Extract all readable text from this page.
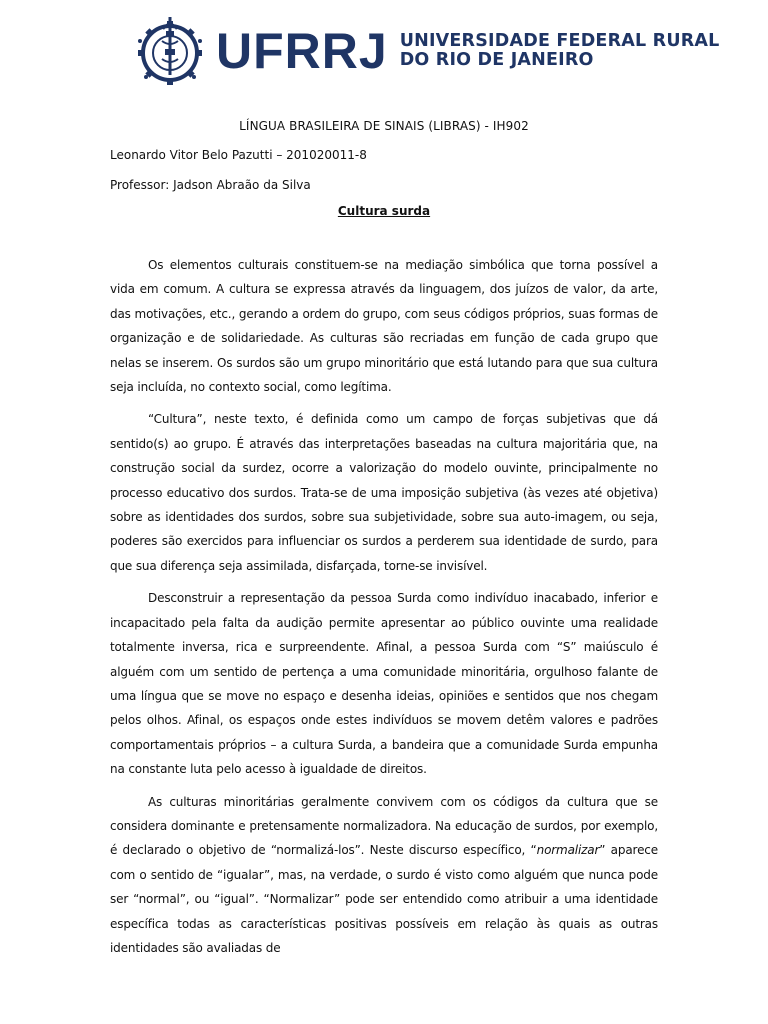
UFRRJ UNIVERSIDADE FEDERAL RURAL
DO RIO DE JANEIRO

LÍNGUA BRASILEIRA DE SINAIS (LIBRAS) - IH902

Leonardo Vitor Belo Pazutti – 201020011-8

Professor: Jadson Abraão da Silva

Cultura surda

Os elementos culturais constituem-se na mediação simbólica que torna possível a vida em comum. A cultura se expressa através da linguagem, dos juízos de valor, da arte, das motivações, etc., gerando a ordem do grupo, com seus códigos próprios, suas formas de organização e de solidariedade. As culturas são recriadas em função de cada grupo que nelas se inserem. Os surdos são um grupo minoritário que está lutando para que sua cultura seja incluída, no contexto social, como legítima.

“Cultura”, neste texto, é definida como um campo de forças subjetivas que dá sentido(s) ao grupo. É através das interpretações baseadas na cultura majoritária que, na construção social da surdez, ocorre a valorização do modelo ouvinte, principalmente no processo educativo dos surdos. Trata-se de uma imposição subjetiva (às vezes até objetiva) sobre as identidades dos surdos, sobre sua subjetividade, sobre sua auto-imagem, ou seja, poderes são exercidos para influenciar os surdos a perderem sua identidade de surdo, para que sua diferença seja assimilada, disfarçada, torne-se invisível.

Desconstruir a representação da pessoa Surda como indivíduo inacabado, inferior e incapacitado pela falta da audição permite apresentar ao público ouvinte uma realidade totalmente inversa, rica e surpreendente. Afinal, a pessoa Surda com “S” maiúsculo é alguém com um sentido de pertença a uma comunidade minoritária, orgulhoso falante de uma língua que se move no espaço e desenha ideias, opiniões e sentidos que nos chegam pelos olhos. Afinal, os espaços onde estes indivíduos se movem detêm valores e padrões comportamentais próprios – a cultura Surda, a bandeira que a comunidade Surda empunha na constante luta pelo acesso à igualdade de direitos.

As culturas minoritárias geralmente convivem com os códigos da cultura que se considera dominante e pretensamente normalizadora. Na educação de surdos, por exemplo, é declarado o objetivo de “normalizá-los”. Neste discurso específico, “normalizar” aparece com o sentido de “igualar”, mas, na verdade, o surdo é visto como alguém que nunca pode ser “normal”, ou “igual”. “Normalizar” pode ser entendido como atribuir a uma identidade específica todas as características positivas possíveis em relação às quais as outras identidades são avaliadas de
